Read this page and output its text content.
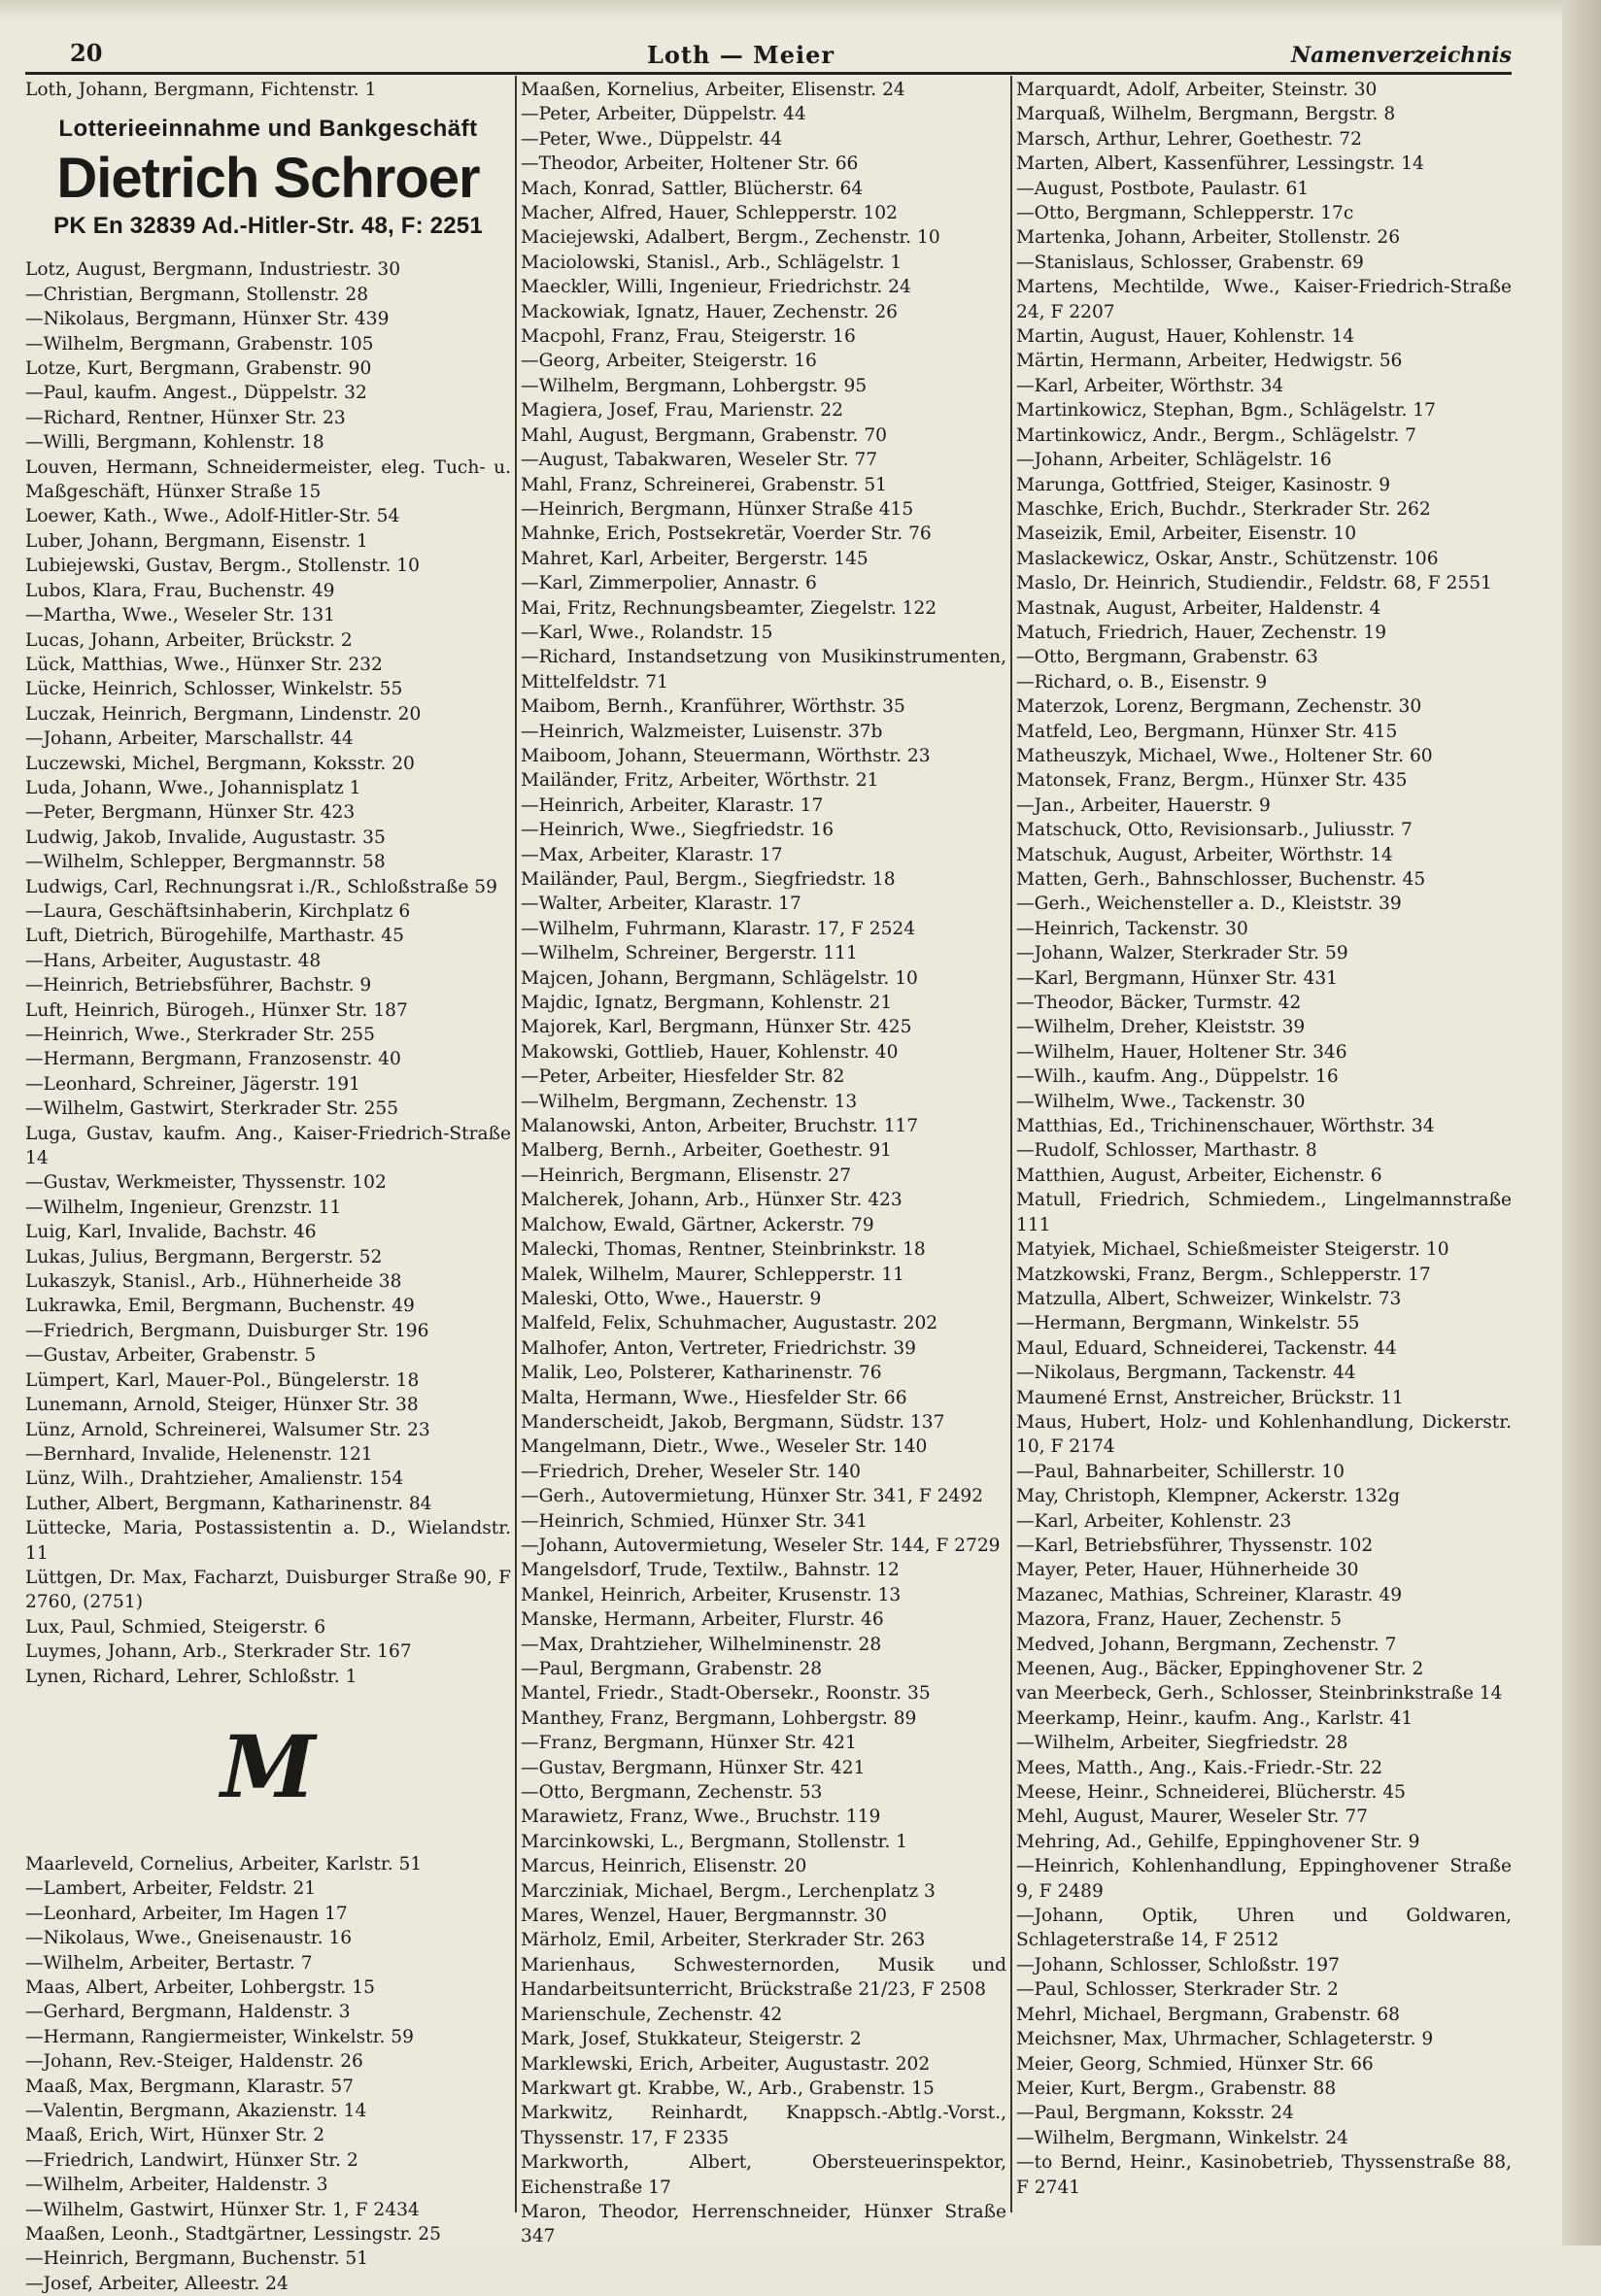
20	Loth — Meier	Namenverzeichnis

Loth, Johann, Bergmann, Fichtenstr. 1

Lotterieeinnahme und Bankgeschäft
Dietrich Schroer
PK En 32839 Ad.-Hitler-Str. 48, F: 2251

Lotz, August, Bergmann, Industriestr. 30

—Christian, Bergmann, Stollenstr. 28

—Nikolaus, Bergmann, Hünxer Str. 439

—Wilhelm, Bergmann, Grabenstr. 105

Lotze, Kurt, Bergmann, Grabenstr. 90

—Paul, kaufm. Angest., Düppelstr. 32

—Richard, Rentner, Hünxer Str. 23

—Willi, Bergmann, Kohlenstr. 18

Louven, Hermann, Schneidermeister, eleg. Tuch- u. Maßgeschäft, Hünxer Straße 15

Loewer, Kath., Wwe., Adolf-Hitler-Str. 54

Luber, Johann, Bergmann, Eisenstr. 1

Lubiejewski, Gustav, Bergm., Stollenstr. 10

Lubos, Klara, Frau, Buchenstr. 49

—Martha, Wwe., Weseler Str. 131

Lucas, Johann, Arbeiter, Brückstr. 2

Lück, Matthias, Wwe., Hünxer Str. 232

Lücke, Heinrich, Schlosser, Winkelstr. 55

Luczak, Heinrich, Bergmann, Lindenstr. 20

—Johann, Arbeiter, Marschallstr. 44

Luczewski, Michel, Bergmann, Koksstr. 20

Luda, Johann, Wwe., Johannisplatz 1

—Peter, Bergmann, Hünxer Str. 423

Ludwig, Jakob, Invalide, Augustastr. 35

—Wilhelm, Schlepper, Bergmannstr. 58

Ludwigs, Carl, Rechnungsrat i./R., Schloßstraße 59

—Laura, Geschäftsinhaberin, Kirchplatz 6

Luft, Dietrich, Bürogehilfe, Marthastr. 45

—Hans, Arbeiter, Augustastr. 48

—Heinrich, Betriebsführer, Bachstr. 9

Luft, Heinrich, Bürogeh., Hünxer Str. 187

—Heinrich, Wwe., Sterkrader Str. 255

—Hermann, Bergmann, Franzosenstr. 40

—Leonhard, Schreiner, Jägerstr. 191

—Wilhelm, Gastwirt, Sterkrader Str. 255

Luga, Gustav, kaufm. Ang., Kaiser-Friedrich-Straße 14

—Gustav, Werkmeister, Thyssenstr. 102

—Wilhelm, Ingenieur, Grenzstr. 11

Luig, Karl, Invalide, Bachstr. 46

Lukas, Julius, Bergmann, Bergerstr. 52

Lukaszyk, Stanisl., Arb., Hühnerheide 38

Lukrawka, Emil, Bergmann, Buchenstr. 49

—Friedrich, Bergmann, Duisburger Str. 196

—Gustav, Arbeiter, Grabenstr. 5

Lümpert, Karl, Mauer-Pol., Büngelerstr. 18

Lunemann, Arnold, Steiger, Hünxer Str. 38

Lünz, Arnold, Schreinerei, Walsumer Str. 23

—Bernhard, Invalide, Helenenstr. 121

Lünz, Wilh., Drahtzieher, Amalienstr. 154

Luther, Albert, Bergmann, Katharinenstr. 84

Lüttecke, Maria, Postassistentin a. D., Wielandstr. 11

Lüttgen, Dr. Max, Facharzt, Duisburger Straße 90, F 2760, (2751)

Lux, Paul, Schmied, Steigerstr. 6

Luymes, Johann, Arb., Sterkrader Str. 167

Lynen, Richard, Lehrer, Schloßstr. 1

M

Maarleveld, Cornelius, Arbeiter, Karlstr. 51

—Lambert, Arbeiter, Feldstr. 21

—Leonhard, Arbeiter, Im Hagen 17

—Nikolaus, Wwe., Gneisenaustr. 16

—Wilhelm, Arbeiter, Bertastr. 7

Maas, Albert, Arbeiter, Lohbergstr. 15

—Gerhard, Bergmann, Haldenstr. 3

—Hermann, Rangiermeister, Winkelstr. 59

—Johann, Rev.-Steiger, Haldenstr. 26

Maaß, Max, Bergmann, Klarastr. 57

—Valentin, Bergmann, Akazienstr. 14

Maaß, Erich, Wirt, Hünxer Str. 2

—Friedrich, Landwirt, Hünxer Str. 2

—Wilhelm, Arbeiter, Haldenstr. 3

—Wilhelm, Gastwirt, Hünxer Str. 1, F 2434

Maaßen, Leonh., Stadtgärtner, Lessingstr. 25

—Heinrich, Bergmann, Buchenstr. 51

—Josef, Arbeiter, Alleestr. 24

Maaßen, Kornelius, Arbeiter, Elisenstr. 24

—Peter, Arbeiter, Düppelstr. 44

—Peter, Wwe., Düppelstr. 44

—Theodor, Arbeiter, Holtener Str. 66

Mach, Konrad, Sattler, Blücherstr. 64

Macher, Alfred, Hauer, Schlepperstr. 102

Maciejewski, Adalbert, Bergm., Zechenstr. 10

Maciolowski, Stanisl., Arb., Schlägelstr. 1

Maeckler, Willi, Ingenieur, Friedrichstr. 24

Mackowiak, Ignatz, Hauer, Zechenstr. 26

Macpohl, Franz, Frau, Steigerstr. 16

—Georg, Arbeiter, Steigerstr. 16

—Wilhelm, Bergmann, Lohbergstr. 95

Magiera, Josef, Frau, Marienstr. 22

Mahl, August, Bergmann, Grabenstr. 70

—August, Tabakwaren, Weseler Str. 77

Mahl, Franz, Schreinerei, Grabenstr. 51

—Heinrich, Bergmann, Hünxer Straße 415

Mahnke, Erich, Postsekretär, Voerder Str. 76

Mahret, Karl, Arbeiter, Bergerstr. 145

—Karl, Zimmerpolier, Annastr. 6

Mai, Fritz, Rechnungsbeamter, Ziegelstr. 122

—Karl, Wwe., Rolandstr. 15

—Richard, Instandsetzung von Musikinstrumenten, Mittelfeldstr. 71

Maibom, Bernh., Kranführer, Wörthstr. 35

—Heinrich, Walzmeister, Luisenstr. 37b

Maiboom, Johann, Steuermann, Wörthstr. 23

Mailänder, Fritz, Arbeiter, Wörthstr. 21

—Heinrich, Arbeiter, Klarastr. 17

—Heinrich, Wwe., Siegfriedstr. 16

—Max, Arbeiter, Klarastr. 17

Mailänder, Paul, Bergm., Siegfriedstr. 18

—Walter, Arbeiter, Klarastr. 17

—Wilhelm, Fuhrmann, Klarastr. 17, F 2524

—Wilhelm, Schreiner, Bergerstr. 111

Majcen, Johann, Bergmann, Schlägelstr. 10

Majdic, Ignatz, Bergmann, Kohlenstr. 21

Majorek, Karl, Bergmann, Hünxer Str. 425

Makowski, Gottlieb, Hauer, Kohlenstr. 40

—Peter, Arbeiter, Hiesfelder Str. 82

—Wilhelm, Bergmann, Zechenstr. 13

Malanowski, Anton, Arbeiter, Bruchstr. 117

Malberg, Bernh., Arbeiter, Goethestr. 91

—Heinrich, Bergmann, Elisenstr. 27

Malcherek, Johann, Arb., Hünxer Str. 423

Malchow, Ewald, Gärtner, Ackerstr. 79

Malecki, Thomas, Rentner, Steinbrinkstr. 18

Malek, Wilhelm, Maurer, Schlepperstr. 11

Maleski, Otto, Wwe., Hauerstr. 9

Malfeld, Felix, Schuhmacher, Augustastr. 202

Malhofer, Anton, Vertreter, Friedrichstr. 39

Malik, Leo, Polsterer, Katharinenstr. 76

Malta, Hermann, Wwe., Hiesfelder Str. 66

Manderscheidt, Jakob, Bergmann, Südstr. 137

Mangelmann, Dietr., Wwe., Weseler Str. 140

—Friedrich, Dreher, Weseler Str. 140

—Gerh., Autovermietung, Hünxer Str. 341, F 2492

—Heinrich, Schmied, Hünxer Str. 341

—Johann, Autovermietung, Weseler Str. 144, F 2729

Mangelsdorf, Trude, Textilw., Bahnstr. 12

Mankel, Heinrich, Arbeiter, Krusenstr. 13

Manske, Hermann, Arbeiter, Flurstr. 46

—Max, Drahtzieher, Wilhelminenstr. 28

—Paul, Bergmann, Grabenstr. 28

Mantel, Friedr., Stadt-Obersekr., Roonstr. 35

Manthey, Franz, Bergmann, Lohbergstr. 89

—Franz, Bergmann, Hünxer Str. 421

—Gustav, Bergmann, Hünxer Str. 421

—Otto, Bergmann, Zechenstr. 53

Marawietz, Franz, Wwe., Bruchstr. 119

Marcinkowski, L., Bergmann, Stollenstr. 1

Marcus, Heinrich, Elisenstr. 20

Marcziniak, Michael, Bergm., Lerchenplatz 3

Mares, Wenzel, Hauer, Bergmannstr. 30

Märholz, Emil, Arbeiter, Sterkrader Str. 263

Marienhaus, Schwesternorden, Musik und Handarbeitsunterricht, Brückstraße 21/23, F 2508

Marienschule, Zechenstr. 42

Mark, Josef, Stukkateur, Steigerstr. 2

Marklewski, Erich, Arbeiter, Augustastr. 202

Markwart gt. Krabbe, W., Arb., Grabenstr. 15

Markwitz, Reinhardt, Knappsch.-Abtlg.-Vorst., Thyssenstr. 17, F 2335

Markworth, Albert, Obersteuerinspektor, Eichenstraße 17

Maron, Theodor, Herrenschneider, Hünxer Straße 347

Marquardt, Adolf, Arbeiter, Steinstr. 30

Marquaß, Wilhelm, Bergmann, Bergstr. 8

Marsch, Arthur, Lehrer, Goethestr. 72

Marten, Albert, Kassenführer, Lessingstr. 14

—August, Postbote, Paulastr. 61

—Otto, Bergmann, Schlepperstr. 17c

Martenka, Johann, Arbeiter, Stollenstr. 26

—Stanislaus, Schlosser, Grabenstr. 69

Martens, Mechtilde, Wwe., Kaiser-Friedrich-Straße 24, F 2207

Martin, August, Hauer, Kohlenstr. 14

Märtin, Hermann, Arbeiter, Hedwigstr. 56

—Karl, Arbeiter, Wörthstr. 34

Martinkowicz, Stephan, Bgm., Schlägelstr. 17

Martinkowicz, Andr., Bergm., Schlägelstr. 7

—Johann, Arbeiter, Schlägelstr. 16

Marunga, Gottfried, Steiger, Kasinostr. 9

Maschke, Erich, Buchdr., Sterkrader Str. 262

Maseizik, Emil, Arbeiter, Eisenstr. 10

Maslackewicz, Oskar, Anstr., Schützenstr. 106

Maslo, Dr. Heinrich, Studiendir., Feldstr. 68, F 2551

Mastnak, August, Arbeiter, Haldenstr. 4

Matuch, Friedrich, Hauer, Zechenstr. 19

—Otto, Bergmann, Grabenstr. 63

—Richard, o. B., Eisenstr. 9

Materzok, Lorenz, Bergmann, Zechenstr. 30

Matfeld, Leo, Bergmann, Hünxer Str. 415

Matheuszyk, Michael, Wwe., Holtener Str. 60

Matonsek, Franz, Bergm., Hünxer Str. 435

—Jan., Arbeiter, Hauerstr. 9

Matschuck, Otto, Revisionsarb., Juliusstr. 7

Matschuk, August, Arbeiter, Wörthstr. 14

Matten, Gerh., Bahnschlosser, Buchenstr. 45

—Gerh., Weichensteller a. D., Kleiststr. 39

—Heinrich, Tackenstr. 30

—Johann, Walzer, Sterkrader Str. 59

—Karl, Bergmann, Hünxer Str. 431

—Theodor, Bäcker, Turmstr. 42

—Wilhelm, Dreher, Kleiststr. 39

—Wilhelm, Hauer, Holtener Str. 346

—Wilh., kaufm. Ang., Düppelstr. 16

—Wilhelm, Wwe., Tackenstr. 30

Matthias, Ed., Trichinenschauer, Wörthstr. 34

—Rudolf, Schlosser, Marthastr. 8

Matthien, August, Arbeiter, Eichenstr. 6

Matull, Friedrich, Schmiedem., Lingelmannstraße 111

Matyiek, Michael, Schießmeister Steigerstr. 10

Matzkowski, Franz, Bergm., Schlepperstr. 17

Matzulla, Albert, Schweizer, Winkelstr. 73

—Hermann, Bergmann, Winkelstr. 55

Maul, Eduard, Schneiderei, Tackenstr. 44

—Nikolaus, Bergmann, Tackenstr. 44

Maumené Ernst, Anstreicher, Brückstr. 11

Maus, Hubert, Holz- und Kohlenhandlung, Dickerstr. 10, F 2174

—Paul, Bahnarbeiter, Schillerstr. 10

May, Christoph, Klempner, Ackerstr. 132g

—Karl, Arbeiter, Kohlenstr. 23

—Karl, Betriebsführer, Thyssenstr. 102

Mayer, Peter, Hauer, Hühnerheide 30

Mazanec, Mathias, Schreiner, Klarastr. 49

Mazora, Franz, Hauer, Zechenstr. 5

Medved, Johann, Bergmann, Zechenstr. 7

Meenen, Aug., Bäcker, Eppinghovener Str. 2

van Meerbeck, Gerh., Schlosser, Steinbrinkstraße 14

Meerkamp, Heinr., kaufm. Ang., Karlstr. 41

—Wilhelm, Arbeiter, Siegfriedstr. 28

Mees, Matth., Ang., Kais.-Friedr.-Str. 22

Meese, Heinr., Schneiderei, Blücherstr. 45

Mehl, August, Maurer, Weseler Str. 77

Mehring, Ad., Gehilfe, Eppinghovener Str. 9

—Heinrich, Kohlenhandlung, Eppinghovener Straße 9, F 2489

—Johann, Optik, Uhren und Goldwaren, Schlageterstraße 14, F 2512

—Johann, Schlosser, Schloßstr. 197

—Paul, Schlosser, Sterkrader Str. 2

Mehrl, Michael, Bergmann, Grabenstr. 68

Meichsner, Max, Uhrmacher, Schlageterstr. 9

Meier, Georg, Schmied, Hünxer Str. 66

Meier, Kurt, Bergm., Grabenstr. 88

—Paul, Bergmann, Koksstr. 24

—Wilhelm, Bergmann, Winkelstr. 24

—to Bernd, Heinr., Kasinobetrieb, Thyssenstraße 88, F 2741
